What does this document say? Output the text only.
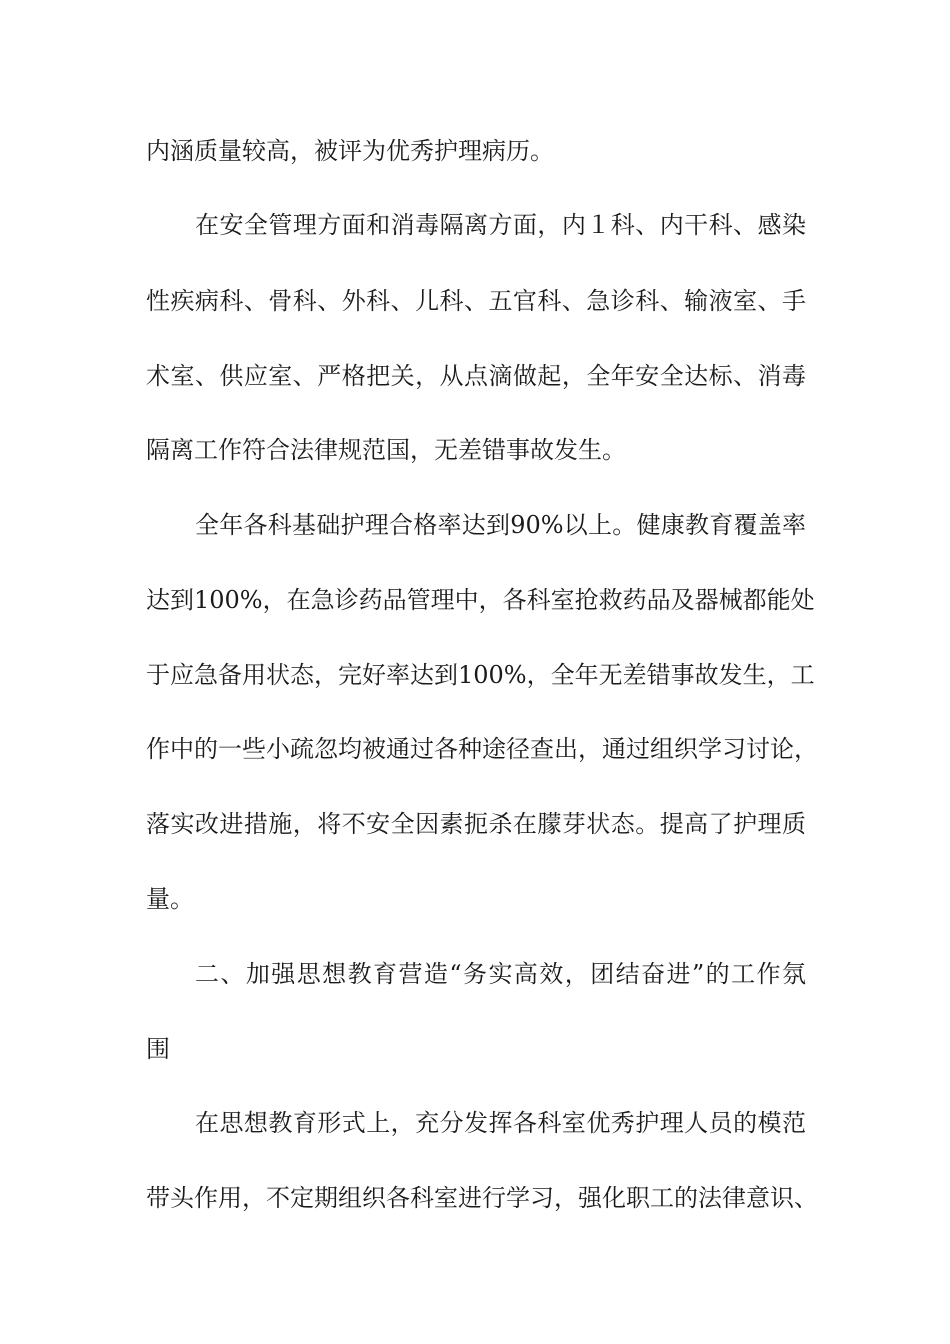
内涵质量较高，被评为优秀护理病历。
在安全管理方面和消毒隔离方面，内１科、内干科、感染
性疾病科、骨科、外科、儿科、五官科、急诊科、输液室、手
术室、供应室、严格把关，从点滴做起，全年安全达标、消毒
隔离工作符合法律规范国，无差错事故发生。
全年各科基础护理合格率达到90%以上。健康教育覆盖率
达到100%，在急诊药品管理中，各科室抢救药品及器械都能处
于应急备用状态，完好率达到100%，全年无差错事故发生，工
作中的一些小疏忽均被通过各种途径查出，通过组织学习讨论，
落实改进措施，将不安全因素扼杀在朦芽状态。提高了护理质
量。
二、加强思想教育营造“务实高效，团结奋进”的工作氛
围
在思想教育形式上，充分发挥各科室优秀护理人员的模范
带头作用，不定期组织各科室进行学习，强化职工的法律意识、
